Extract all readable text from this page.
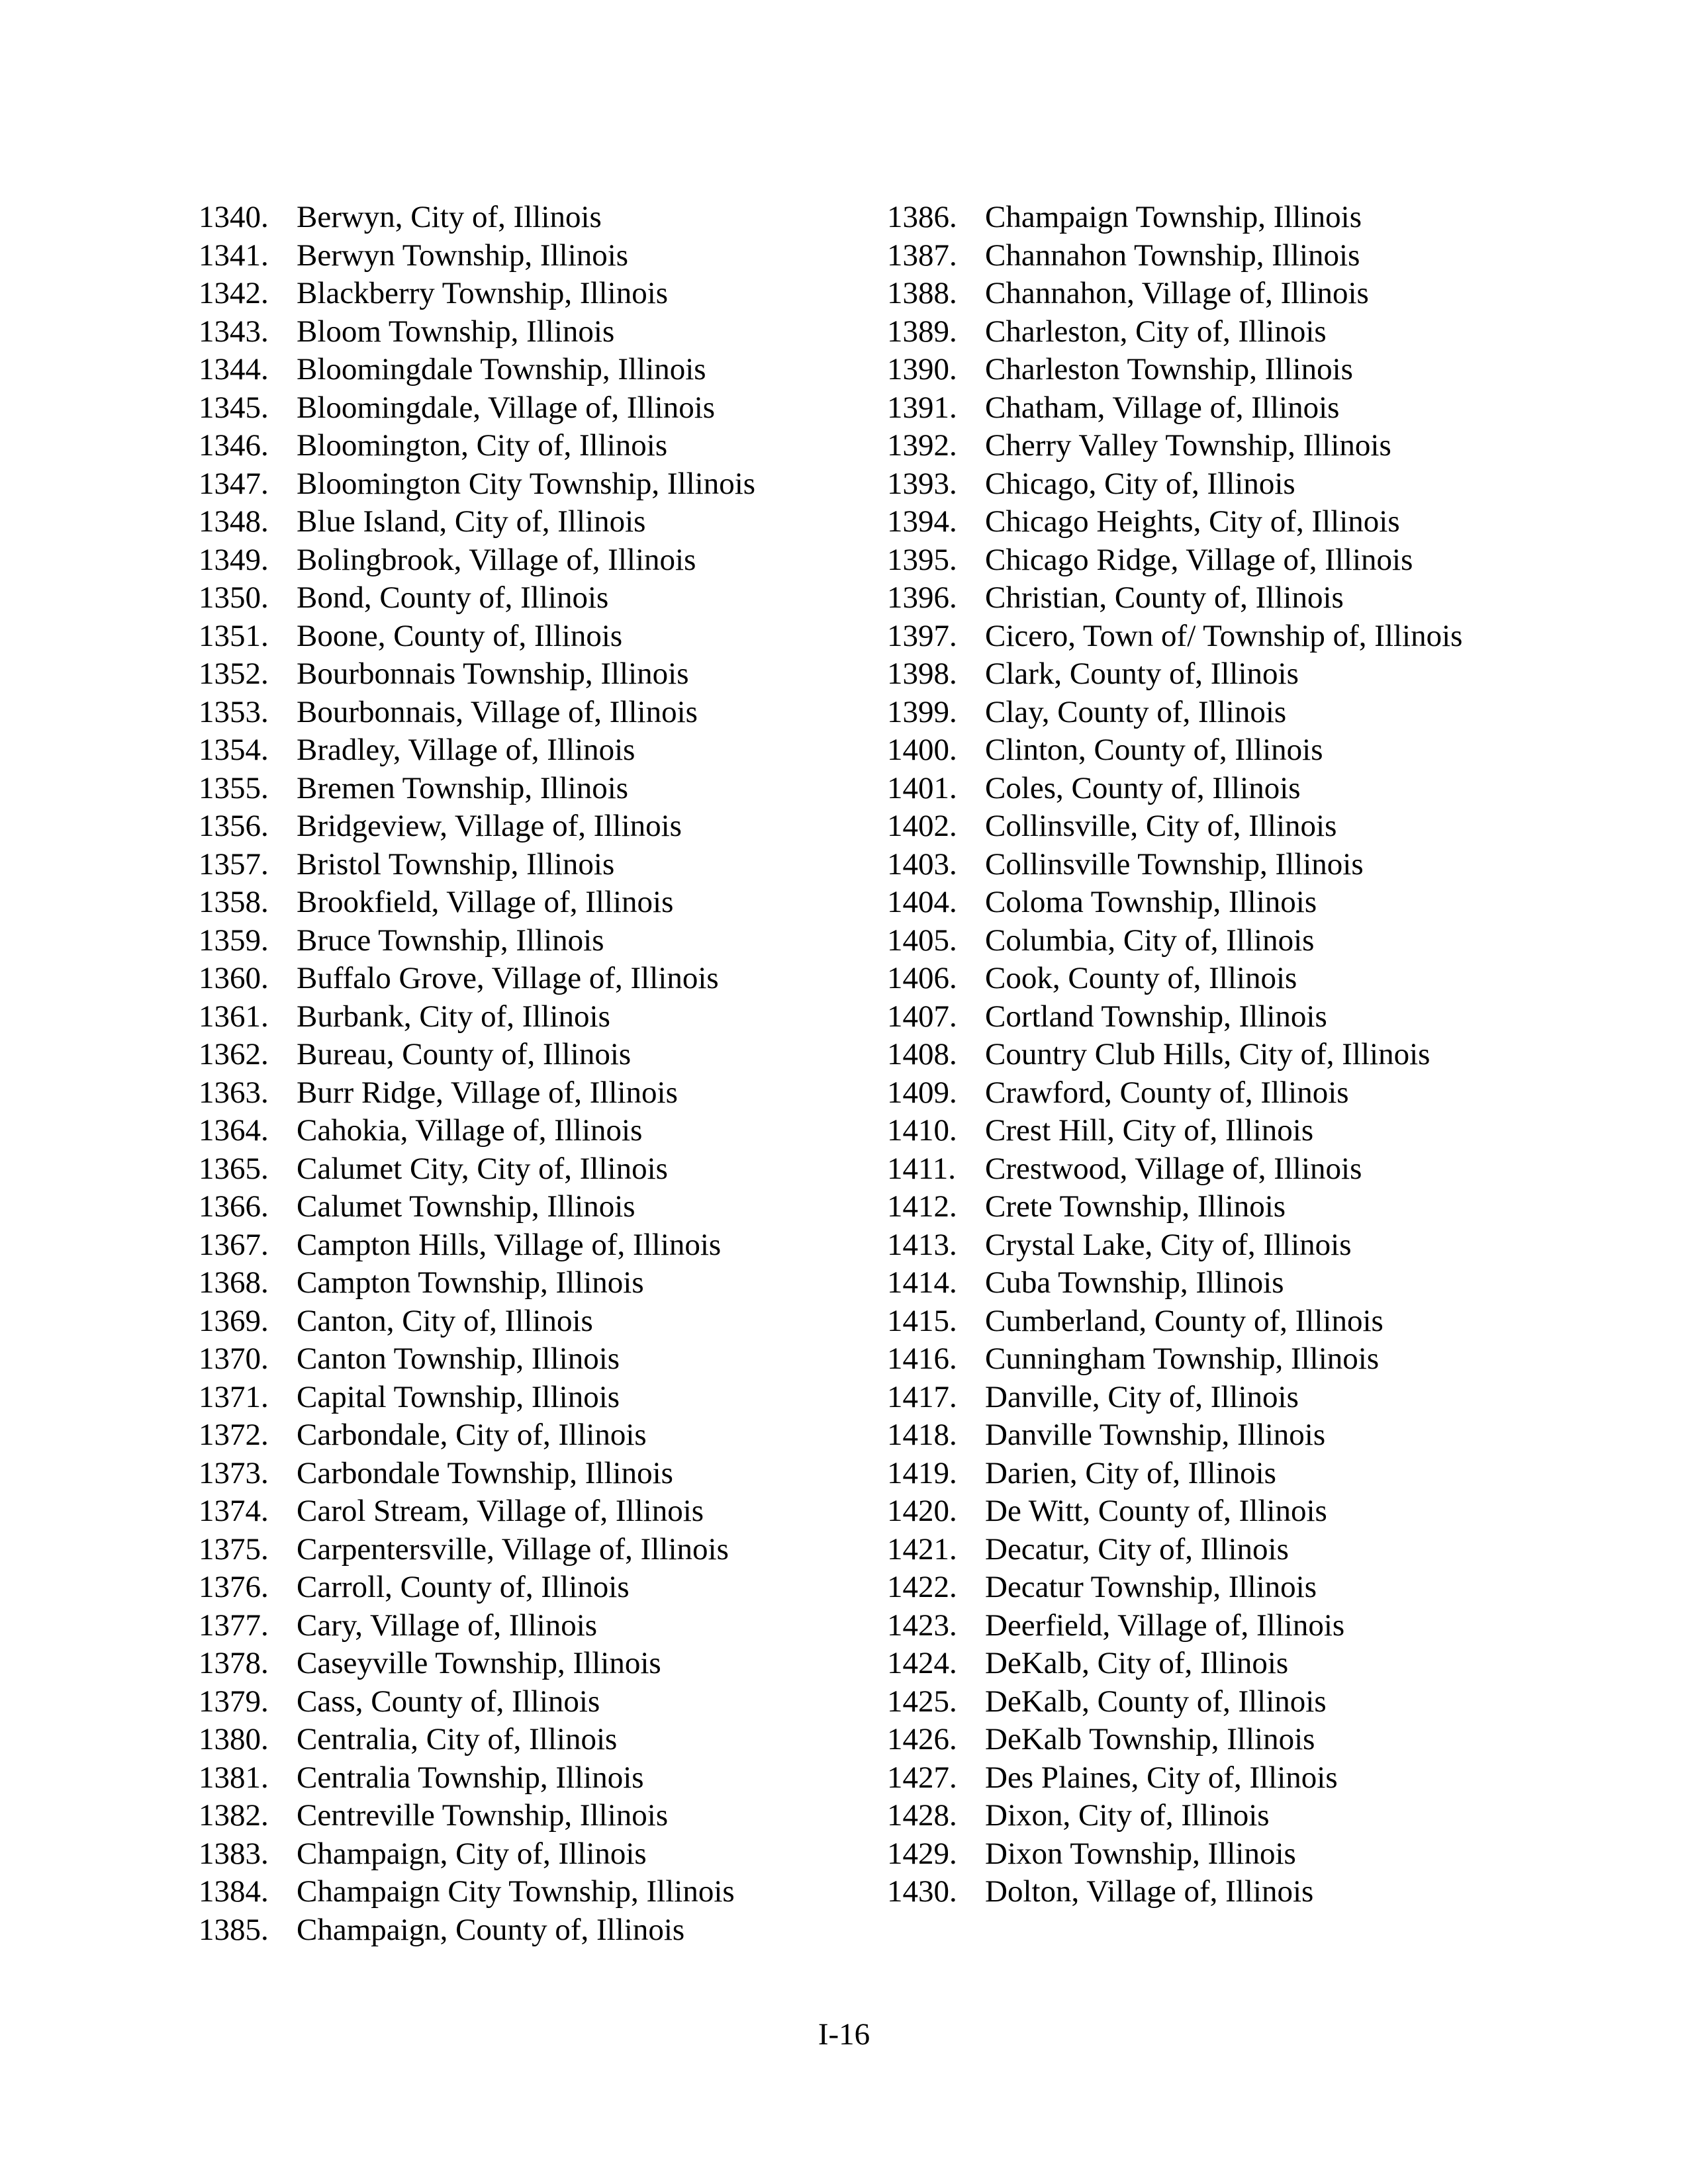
1340. Berwyn, City of, Illinois
1341. Berwyn Township, Illinois
1342. Blackberry Township, Illinois
1343. Bloom Township, Illinois
1344. Bloomingdale Township, Illinois
1345. Bloomingdale, Village of, Illinois
1346. Bloomington, City of, Illinois
1347. Bloomington City Township, Illinois
1348. Blue Island, City of, Illinois
1349. Bolingbrook, Village of, Illinois
1350. Bond, County of, Illinois
1351. Boone, County of, Illinois
1352. Bourbonnais Township, Illinois
1353. Bourbonnais, Village of, Illinois
1354. Bradley, Village of, Illinois
1355. Bremen Township, Illinois
1356. Bridgeview, Village of, Illinois
1357. Bristol Township, Illinois
1358. Brookfield, Village of, Illinois
1359. Bruce Township, Illinois
1360. Buffalo Grove, Village of, Illinois
1361. Burbank, City of, Illinois
1362. Bureau, County of, Illinois
1363. Burr Ridge, Village of, Illinois
1364. Cahokia, Village of, Illinois
1365. Calumet City, City of, Illinois
1366. Calumet Township, Illinois
1367. Campton Hills, Village of, Illinois
1368. Campton Township, Illinois
1369. Canton, City of, Illinois
1370. Canton Township, Illinois
1371. Capital Township, Illinois
1372. Carbondale, City of, Illinois
1373. Carbondale Township, Illinois
1374. Carol Stream, Village of, Illinois
1375. Carpentersville, Village of, Illinois
1376. Carroll, County of, Illinois
1377. Cary, Village of, Illinois
1378. Caseyville Township, Illinois
1379. Cass, County of, Illinois
1380. Centralia, City of, Illinois
1381. Centralia Township, Illinois
1382. Centreville Township, Illinois
1383. Champaign, City of, Illinois
1384. Champaign City Township, Illinois
1385. Champaign, County of, Illinois
1386. Champaign Township, Illinois
1387. Channahon Township, Illinois
1388. Channahon, Village of, Illinois
1389. Charleston, City of, Illinois
1390. Charleston Township, Illinois
1391. Chatham, Village of, Illinois
1392. Cherry Valley Township, Illinois
1393. Chicago, City of, Illinois
1394. Chicago Heights, City of, Illinois
1395. Chicago Ridge, Village of, Illinois
1396. Christian, County of, Illinois
1397. Cicero, Town of/ Township of, Illinois
1398. Clark, County of, Illinois
1399. Clay, County of, Illinois
1400. Clinton, County of, Illinois
1401. Coles, County of, Illinois
1402. Collinsville, City of, Illinois
1403. Collinsville Township, Illinois
1404. Coloma Township, Illinois
1405. Columbia, City of, Illinois
1406. Cook, County of, Illinois
1407. Cortland Township, Illinois
1408. Country Club Hills, City of, Illinois
1409. Crawford, County of, Illinois
1410. Crest Hill, City of, Illinois
1411. Crestwood, Village of, Illinois
1412. Crete Township, Illinois
1413. Crystal Lake, City of, Illinois
1414. Cuba Township, Illinois
1415. Cumberland, County of, Illinois
1416. Cunningham Township, Illinois
1417. Danville, City of, Illinois
1418. Danville Township, Illinois
1419. Darien, City of, Illinois
1420. De Witt, County of, Illinois
1421. Decatur, City of, Illinois
1422. Decatur Township, Illinois
1423. Deerfield, Village of, Illinois
1424. DeKalb, City of, Illinois
1425. DeKalb, County of, Illinois
1426. DeKalb Township, Illinois
1427. Des Plaines, City of, Illinois
1428. Dixon, City of, Illinois
1429. Dixon Township, Illinois
1430. Dolton, Village of, Illinois
I-16
